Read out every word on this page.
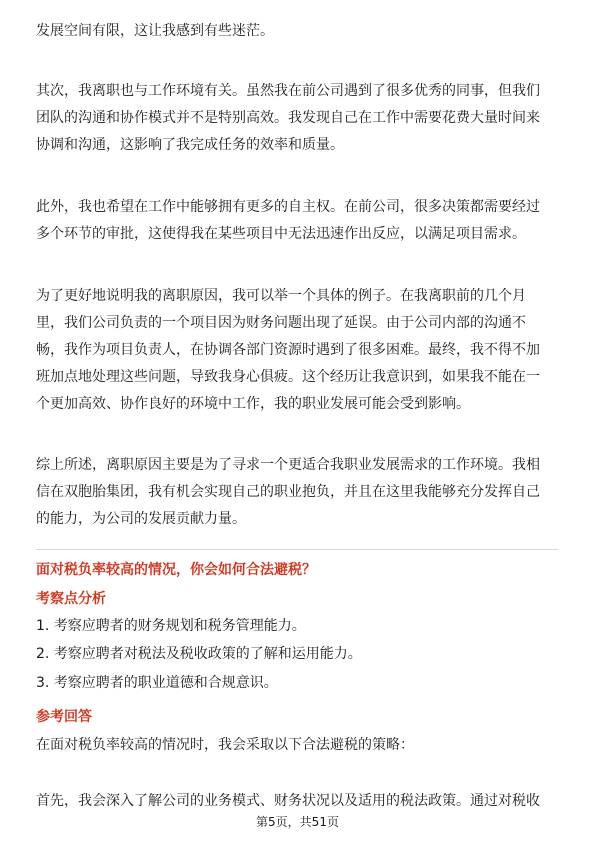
发展空间有限，这让我感到有些迷茫。

其次，我离职也与工作环境有关。虽然我在前公司遇到了很多优秀的同事，但我们
团队的沟通和协作模式并不是特别高效。我发现自己在工作中需要花费大量时间来
协调和沟通，这影响了我完成任务的效率和质量。

此外，我也希望在工作中能够拥有更多的自主权。在前公司，很多决策都需要经过
多个环节的审批，这使得我在某些项目中无法迅速作出反应，以满足项目需求。

为了更好地说明我的离职原因，我可以举一个具体的例子。在我离职前的几个月
里，我们公司负责的一个项目因为财务问题出现了延误。由于公司内部的沟通不
畅，我作为项目负责人，在协调各部门资源时遇到了很多困难。最终，我不得不加
班加点地处理这些问题，导致我身心俱疲。这个经历让我意识到，如果我不能在一
个更加高效、协作良好的环境中工作，我的职业发展可能会受到影响。

综上所述，离职原因主要是为了寻求一个更适合我职业发展需求的工作环境。我相
信在双胞胎集团，我有机会实现自己的职业抱负，并且在这里我能够充分发挥自己
的能力，为公司的发展贡献力量。

面对税负率较高的情况，你会如何合法避税？
考察点分析

1. 考察应聘者的财务规划和税务管理能力。

2. 考察应聘者对税法及税收政策的了解和运用能力。

3. 考察应聘者的职业道德和合规意识。

参考回答

在面对税负率较高的情况时，我会采取以下合法避税的策略：

首先，我会深入了解公司的业务模式、财务状况以及适用的税法政策。通过对税收

第5页，共51页
